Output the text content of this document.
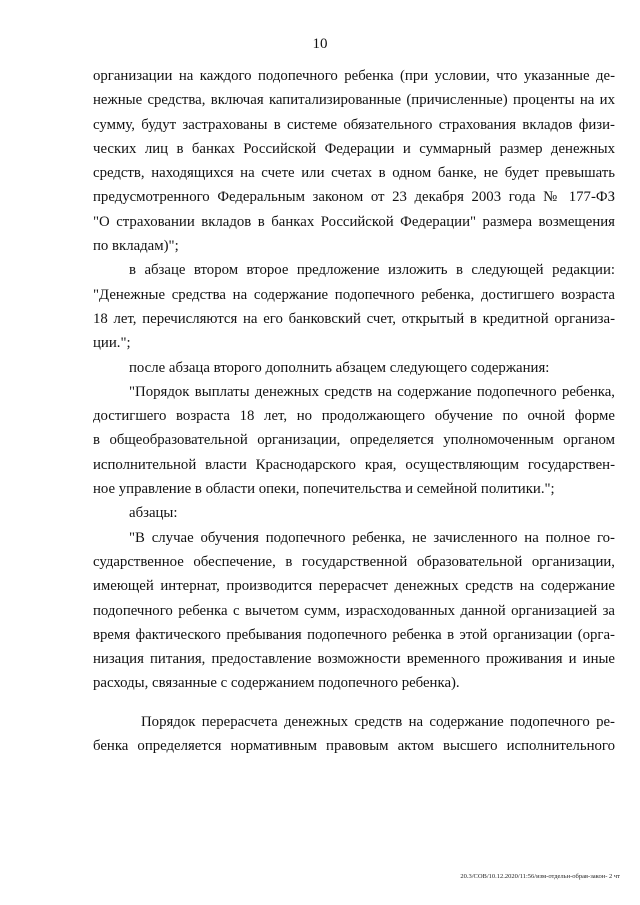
10
организации на каждого подопечного ребенка (при условии, что указанные де-
нежные средства, включая капитализированные (причисленные) проценты на их
сумму, будут застрахованы в системе обязательного страхования вкладов физи-
ческих лиц в банках Российской Федерации и суммарный размер денежных
средств, находящихся на счете или счетах в одном банке, не будет превышать
предусмотренного Федеральным законом от 23 декабря 2003 года № 177-ФЗ
"О страховании вкладов в банках Российской Федерации" размера возмещения
по вкладам)";
в абзаце втором второе предложение изложить в следующей редакции:
"Денежные средства на содержание подопечного ребенка, достигшего возраста
18 лет, перечисляются на его банковский счет, открытый в кредитной организа-
ции.";
после абзаца второго дополнить абзацем следующего содержания:
"Порядок выплаты денежных средств на содержание подопечного ребенка,
достигшего возраста 18 лет, но продолжающего обучение по очной форме
в общеобразовательной организации, определяется уполномоченным органом
исполнительной власти Краснодарского края, осуществляющим государствен-
ное управление в области опеки, попечительства и семейной политики.";
абзацы:
"В случае обучения подопечного ребенка, не зачисленного на полное го-
сударственное обеспечение, в государственной образовательной организации,
имеющей интернат, производится перерасчет денежных средств на содержание
подопечного ребенка с вычетом сумм, израсходованных данной организацией за
время фактического пребывания подопечного ребенка в этой организации (орга-
низация питания, предоставление возможности временного проживания и иные
расходы, связанные с содержанием подопечного ребенка).
Порядок перерасчета денежных средств на содержание подопечного ре-
бенка определяется нормативным правовым актом высшего исполнительного
20.3/СОВ/10.12.2020/11:56/изм-отдельн-обрав-закон- 2 чт
